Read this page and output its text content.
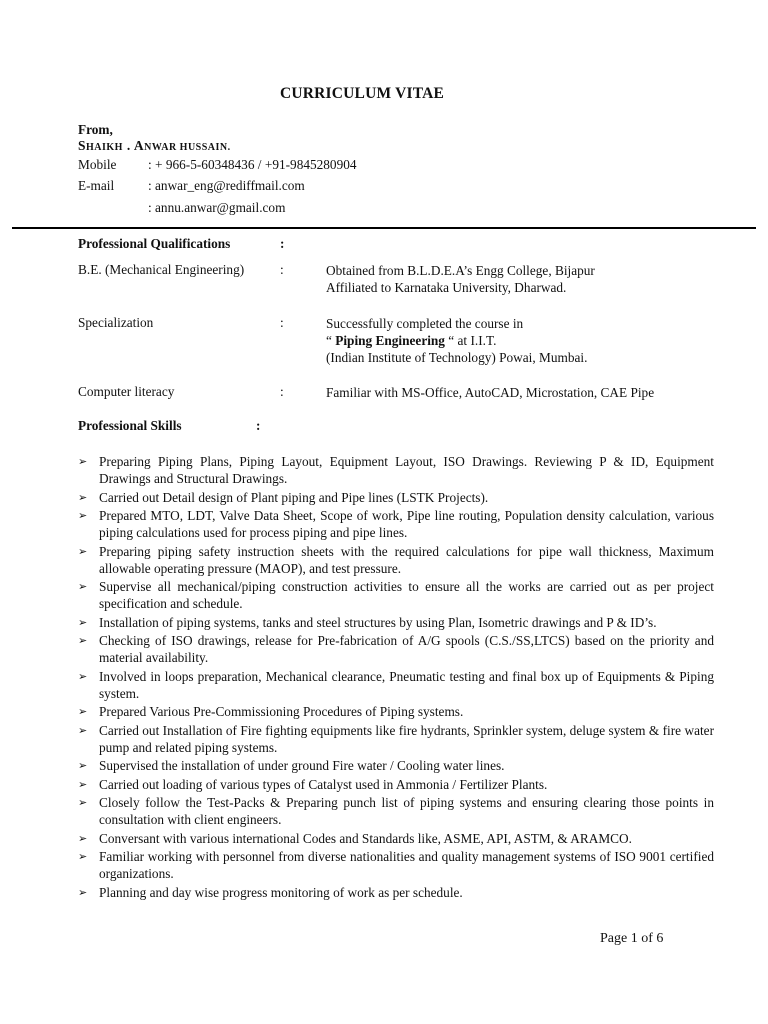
CURRICULUM VITAE
From,
SHAIKH . ANWAR HUSSAIN.
Mobile : + 966-5-60348436 / +91-9845280904
E-mail	: anwar_eng@rediffmail.com
: annu.anwar@gmail.com
Professional Qualifications	:
B.E. (Mechanical Engineering)	:	Obtained from B.L.D.E.A’s Engg College, Bijapur
Affiliated to Karnataka University, Dharwad.
Specialization	:	Successfully completed the course in
“ Piping Engineering “ at I.I.T.
(Indian Institute of Technology) Powai, Mumbai.
Computer literacy	:	Familiar with MS-Office, AutoCAD, Microstation, CAE Pipe
Professional Skills	:
➢ Preparing Piping Plans, Piping Layout, Equipment Layout, ISO Drawings. Reviewing P & ID, Equipment Drawings and Structural Drawings.
➢ Carried out Detail design of Plant piping and Pipe lines (LSTK Projects).
➢ Prepared MTO, LDT, Valve Data Sheet, Scope of work, Pipe line routing, Population density calculation, various piping calculations used for process piping and pipe lines.
➢ Preparing piping safety instruction sheets with the required calculations for pipe wall thickness, Maximum allowable operating pressure (MAOP), and test pressure.
➢ Supervise all mechanical/piping construction activities to ensure all the works are carried out as per project specification and schedule.
➢ Installation of piping systems, tanks and steel structures by using Plan, Isometric drawings and P & ID’s.
➢ Checking of ISO drawings, release for Pre-fabrication of A/G spools (C.S./SS,LTCS) based on the priority and material availability.
➢ Involved in loops preparation, Mechanical clearance, Pneumatic testing and final box up of Equipments & Piping system.
➢ Prepared Various Pre-Commissioning Procedures of Piping systems.
➢ Carried out Installation of Fire fighting equipments like fire hydrants, Sprinkler system, deluge system & fire water pump and related piping systems.
➢ Supervised the installation of under ground Fire water / Cooling water lines.
➢ Carried out loading of various types of Catalyst used in Ammonia / Fertilizer Plants.
➢ Closely follow the Test-Packs & Preparing punch list of piping systems and ensuring clearing those points in consultation with client engineers.
➢ Conversant with various international Codes and Standards like, ASME, API, ASTM, & ARAMCO.
➢ Familiar working with personnel from diverse nationalities and quality management systems of ISO 9001 certified organizations.
➢ Planning and day wise progress monitoring of work as per schedule.
Page 1 of 6
